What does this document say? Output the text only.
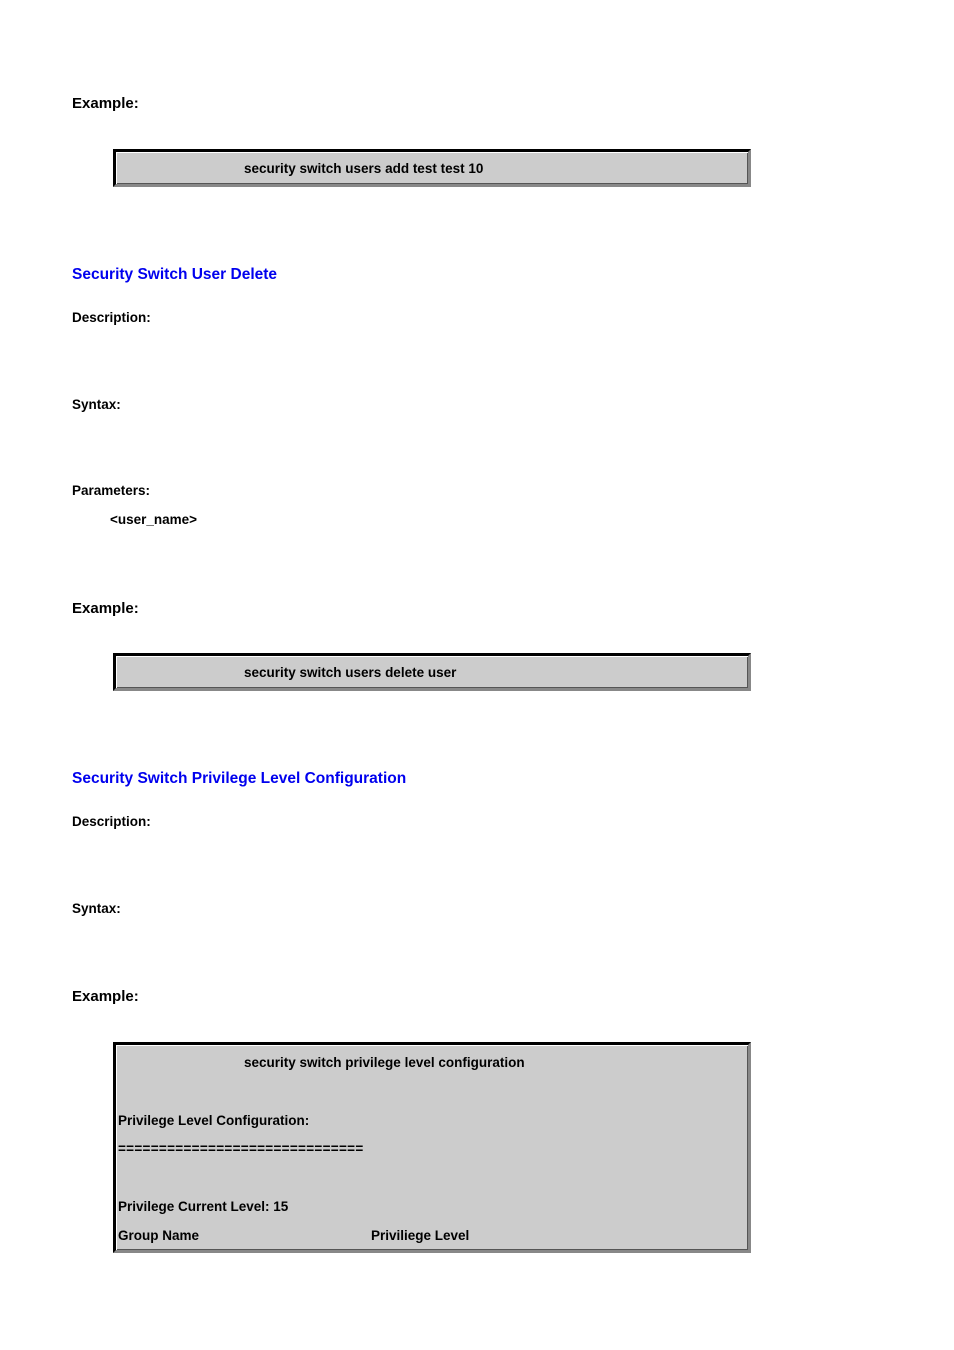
Example:
security switch users add test test 10
Security Switch User Delete
Description:
Syntax:
Parameters:
<user_name>
Example:
security switch users delete user
Security Switch Privilege Level Configuration
Description:
Syntax:
Example:
security switch privilege level configuration
Privilege Level Configuration:
==============================
Privilege Current Level: 15
Group Name	Priviliege Level
